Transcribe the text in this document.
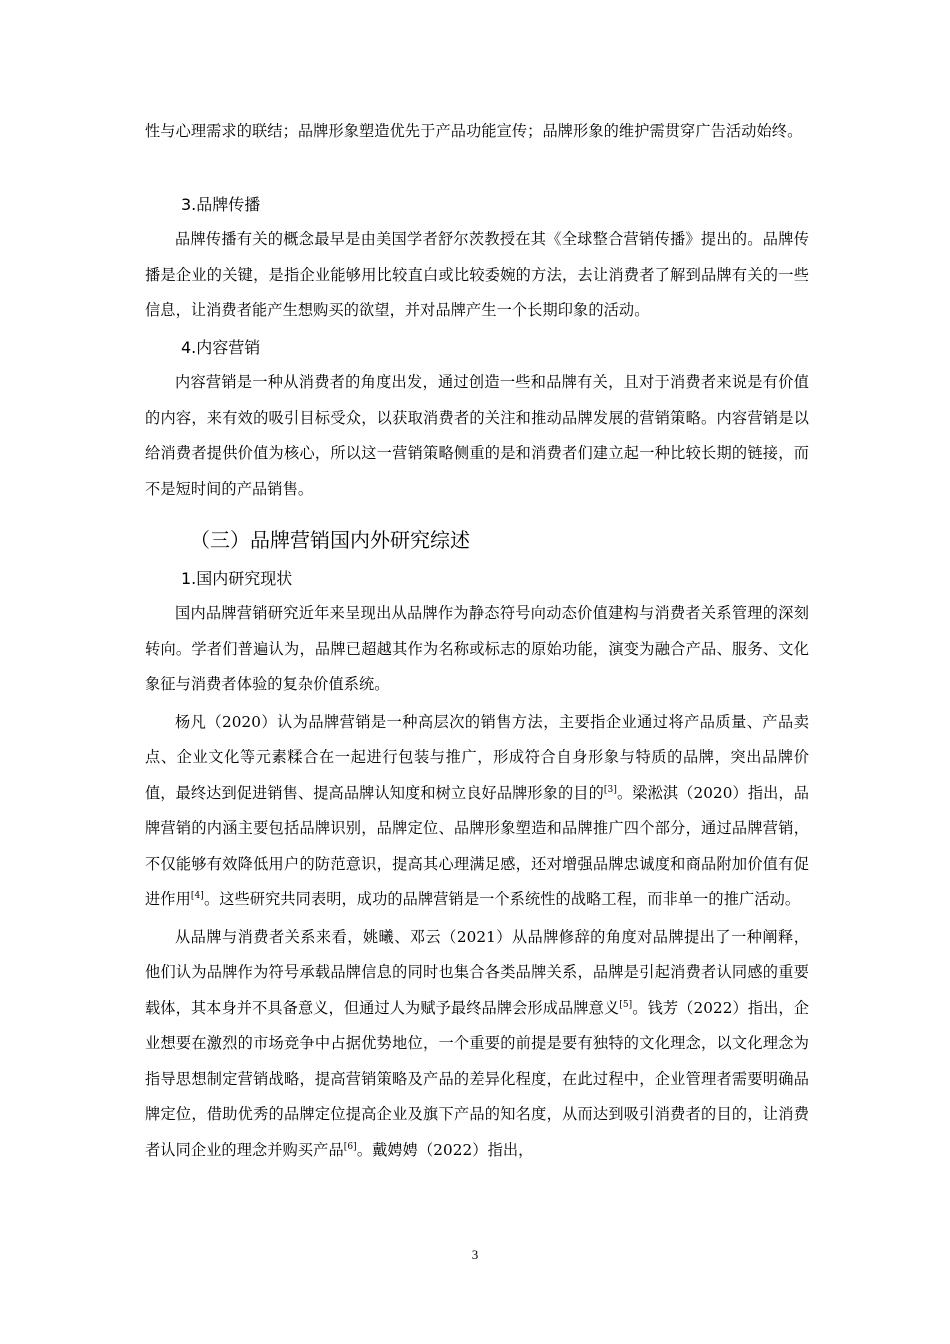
性与心理需求的联结；品牌形象塑造优先于产品功能宣传；品牌形象的维护需贯穿广告活动始终。

3.品牌传播

品牌传播有关的概念最早是由美国学者舒尔茨教授在其《全球整合营销传播》提出的。品牌传播是企业的关键，是指企业能够用比较直白或比较委婉的方法，去让消费者了解到品牌有关的一些信息，让消费者能产生想购买的欲望，并对品牌产生一个长期印象的活动。

4.内容营销

内容营销是一种从消费者的角度出发，通过创造一些和品牌有关，且对于消费者来说是有价值的内容，来有效的吸引目标受众，以获取消费者的关注和推动品牌发展的营销策略。内容营销是以给消费者提供价值为核心，所以这一营销策略侧重的是和消费者们建立起一种比较长期的链接，而不是短时间的产品销售。

（三）品牌营销国内外研究综述
1.国内研究现状

国内品牌营销研究近年来呈现出从品牌作为静态符号向动态价值建构与消费者关系管理的深刻转向。学者们普遍认为，品牌已超越其作为名称或标志的原始功能，演变为融合产品、服务、文化象征与消费者体验的复杂价值系统。

杨凡（2020）认为品牌营销是一种高层次的销售方法，主要指企业通过将产品质量、产品卖点、企业文化等元素糅合在一起进行包装与推广，形成符合自身形象与特质的品牌，突出品牌价值，最终达到促进销售、提高品牌认知度和树立良好品牌形象的目的[3]。梁淞淇（2020）指出，品牌营销的内涵主要包括品牌识别，品牌定位、品牌形象塑造和品牌推广四个部分，通过品牌营销，不仅能够有效降低用户的防范意识，提高其心理满足感，还对增强品牌忠诚度和商品附加价值有促进作用[4]。这些研究共同表明，成功的品牌营销是一个系统性的战略工程，而非单一的推广活动。

从品牌与消费者关系来看，姚曦、邓云（2021）从品牌修辞的角度对品牌提出了一种阐释，他们认为品牌作为符号承载品牌信息的同时也集合各类品牌关系，品牌是引起消费者认同感的重要载体，其本身并不具备意义，但通过人为赋予最终品牌会形成品牌意义[5]。钱芳（2022）指出，企业想要在激烈的市场竞争中占据优势地位，一个重要的前提是要有独特的文化理念，以文化理念为指导思想制定营销战略，提高营销策略及产品的差异化程度，在此过程中，企业管理者需要明确品牌定位，借助优秀的品牌定位提高企业及旗下产品的知名度，从而达到吸引消费者的目的，让消费者认同企业的理念并购买产品[6]。戴娉娉（2022）指出，

3
